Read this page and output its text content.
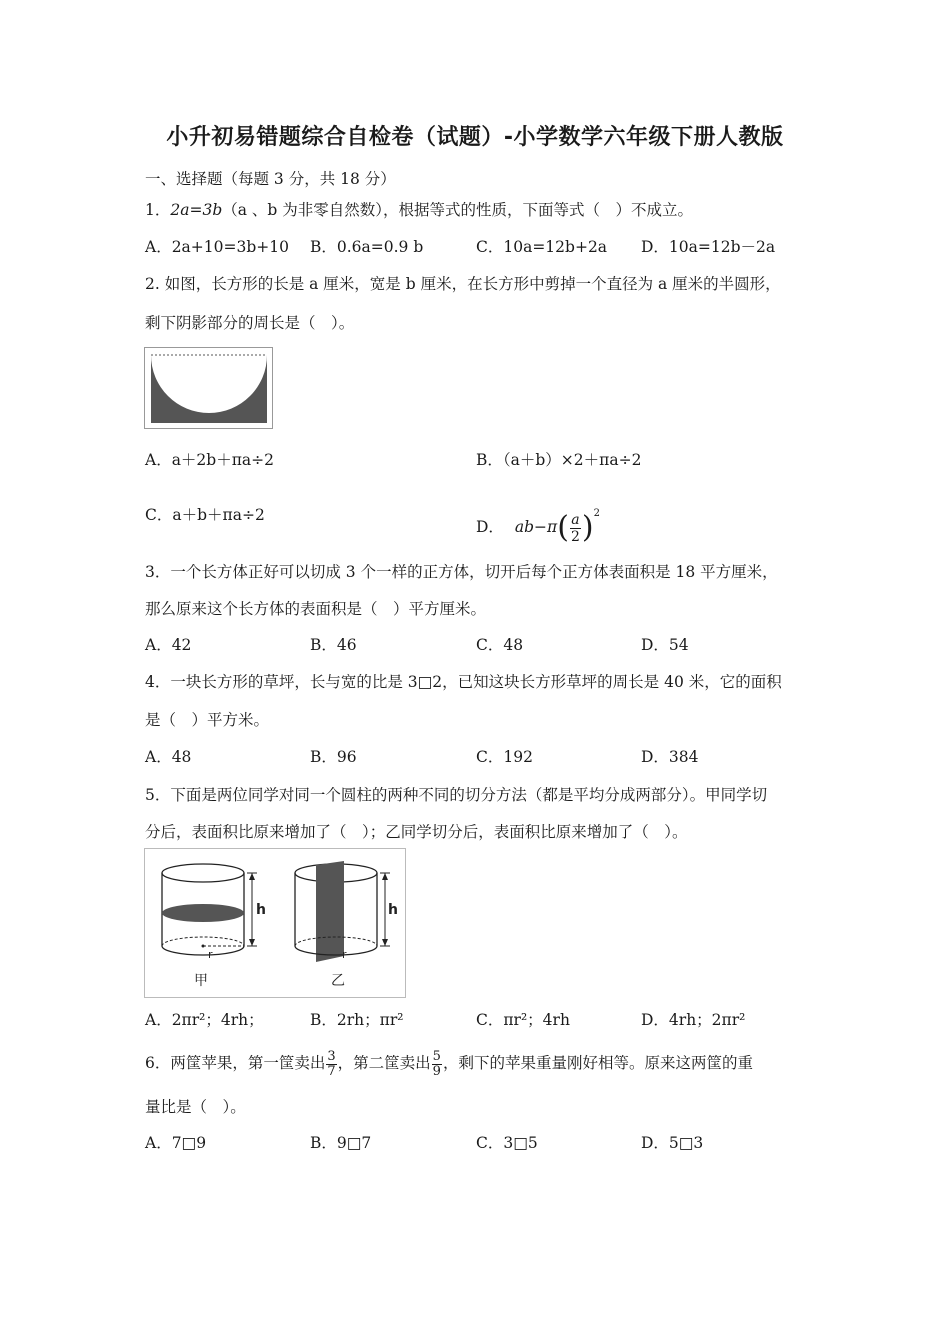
小升初易错题综合自检卷（试题）-小学数学六年级下册人教版
一、选择题（每题 3 分，共 18 分）
1．2a=3b（a 、b 为非零自然数），根据等式的性质，下面等式（　）不成立。
A．2a+10=3b+10 B．0.6a=0.9 b	C．10a=12b+2a D．10a=12b－2a
2. 如图，长方形的长是 a 厘米，宽是 b 厘米，在长方形中剪掉一个直径为 a 厘米的半圆形，
剩下阴影部分的周长是（　）。
A．a＋2b＋πa÷2	B．（a＋b）×2＋πa÷2
C．a＋b＋πa÷2
D． $ab-\pi( \frac{a}{2} )^2$
3．一个长方体正好可以切成 3 个一样的正方体，切开后每个正方体表面积是 18 平方厘米，
那么原来这个长方体的表面积是（　）平方厘米。
A．42	B．46	C．48	D．54
4．一块长方形的草坪，长与宽的比是 3□2，已知这块长方形草坪的周长是 40 米，它的面积
是（　）平方米。
A．48	B．96	C．192	D．384
5．下面是两位同学对同一个圆柱的两种不同的切分方法（都是平均分成两部分）。甲同学切
分后，表面积比原来增加了（　）；乙同学切分后，表面积比原来增加了（　）。
h
r
甲
h
r
乙
A．2πr²；4rh；	B．2rh；πr²	C．πr²；4rh	D．4rh；2πr²
6．两筐苹果，第一筐卖出 $\frac{3}{7}$ ，第二筐卖出 $\frac{5}{9}$ ，剩下的苹果重量刚好相等。原来这两筐的重
量比是（　）。
A．7□9	B．9□7	C．3□5	D．5□3
